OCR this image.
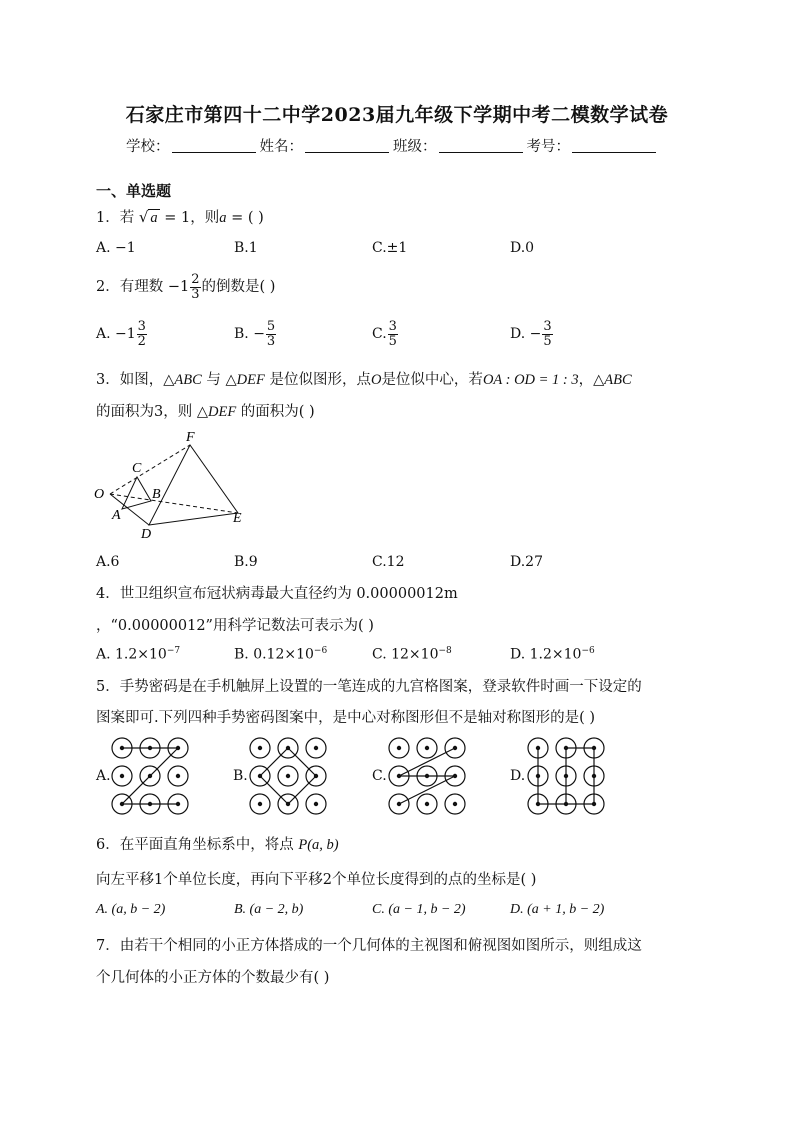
石家庄市第四十二中学2023届九年级下学期中考二模数学试卷
学校：	姓名：	班级：	考号：
一、单选题
1．若 √ a = 1，则a = ( )
A. −1	B.1	C.±1	D.0
2．有理数 $-1 \frac{2}{3}$ 的倒数是( )
A. $-1 \frac{3}{2}$	B. − $\frac{5}{3}$	C. $\frac{3}{5}$	D. − $\frac{3}{5}$
3．如图，△ABC 与 △DEF 是位似图形，点O是位似中心，若OA : OD = 1 : 3，△ABC
的面积为3，则 △DEF 的面积为( )
F
C
O	B
A	E
D
A.6	B.9	C.12	D.27
4．世卫组织宣布冠状病毒最大直径约为 0.00000012m
，“0.00000012”用科学记数法可表示为( )
A. $1.2\times 10^{-7}$	B. $0.12\times 10^{-6}$	C. $12\times 10^{-8}$	D. $1.2\times 10^{-6}$
5．手势密码是在手机触屏上设置的一笔连成的九宫格图案，登录软件时画一下设定的
图案即可.下列四种手势密码图案中，是中心对称图形但不是轴对称图形的是( )
A.	B.	C.	D.
6．在平面直角坐标系中，将点 P(a, b)
向左平移1个单位长度，再向下平移2个单位长度得到的点的坐标是( )
A. (a, b − 2)	B. (a − 2, b)	C. (a − 1, b − 2)	D. (a + 1, b − 2)
7．由若干个相同的小正方体搭成的一个几何体的主视图和俯视图如图所示，则组成这
个几何体的小正方体的个数最少有( )
